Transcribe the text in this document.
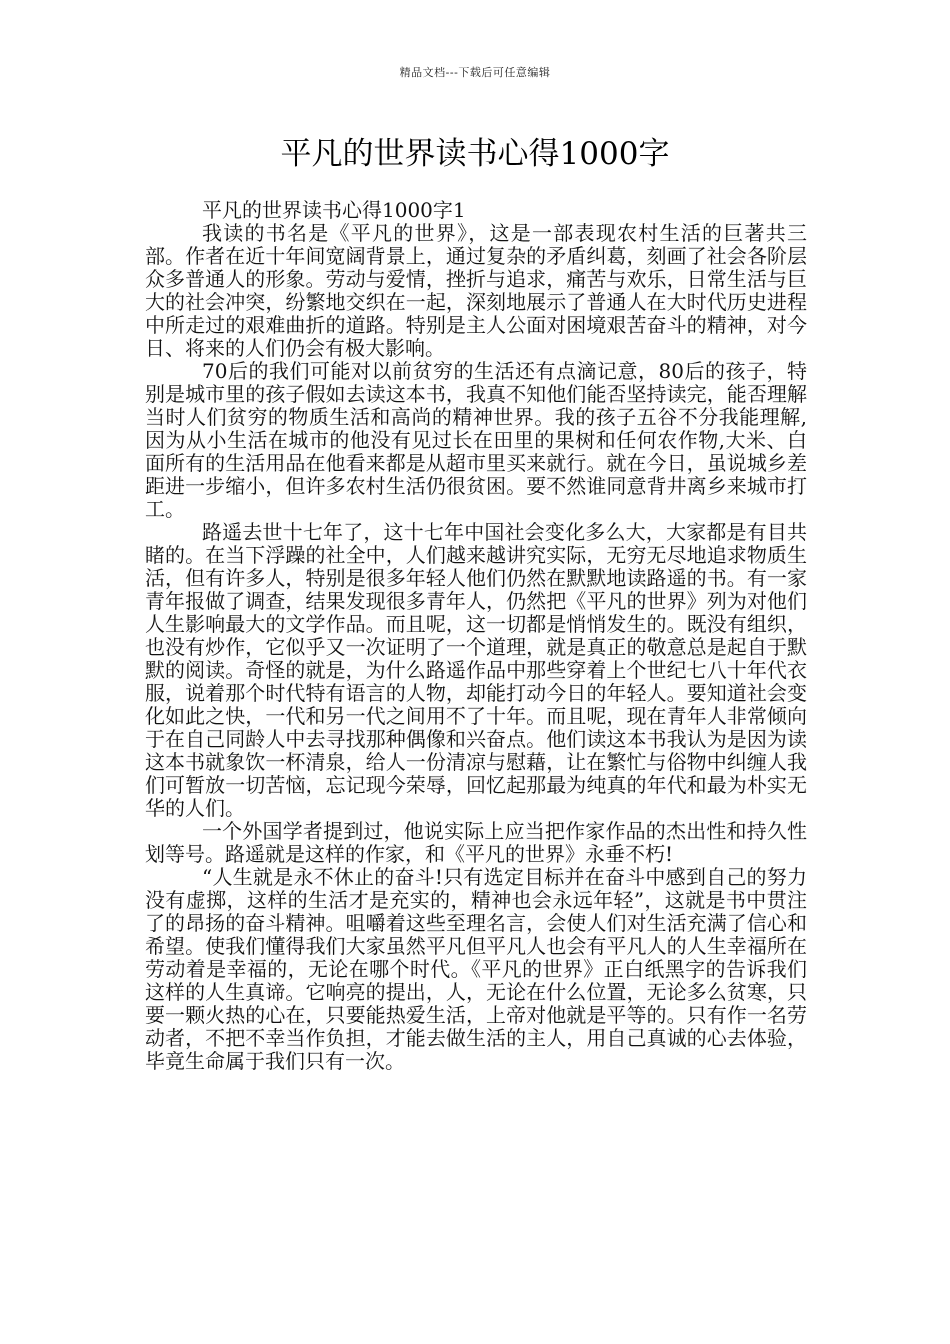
精品文档---下载后可任意编辑
平凡的世界读书心得1000字

平凡的世界读书心得1000字1

我读的书名是《平凡的世界》，这是一部表现农村生活的巨著共三部。作者在近十年间宽阔背景上，通过复杂的矛盾纠葛，刻画了社会各阶层众多普通人的形象。劳动与爱情，挫折与追求，痛苦与欢乐，日常生活与巨大的社会冲突，纷繁地交织在一起，深刻地展示了普通人在大时代历史进程中所走过的艰难曲折的道路。特别是主人公面对困境艰苦奋斗的精神，对今日、将来的人们仍会有极大影响。

70后的我们可能对以前贫穷的生活还有点滴记意，80后的孩子，特别是城市里的孩子假如去读这本书，我真不知他们能否坚持读完，能否理解当时人们贫穷的物质生活和高尚的精神世界。我的孩子五谷不分我能理解,因为从小生活在城市的他没有见过长在田里的果树和任何农作物,大米、白面所有的生活用品在他看来都是从超市里买来就行。就在今日，虽说城乡差距进一步缩小，但许多农村生活仍很贫困。要不然谁同意背井离乡来城市打工。

路遥去世十七年了，这十七年中国社会变化多么大，大家都是有目共睹的。在当下浮躁的社全中，人们越来越讲究实际，无穷无尽地追求物质生活，但有许多人，特别是很多年轻人他们仍然在默默地读路遥的书。有一家青年报做了调查，结果发现很多青年人，仍然把《平凡的世界》列为对他们人生影响最大的文学作品。而且呢，这一切都是悄悄发生的。既没有组织，也没有炒作，它似乎又一次证明了一个道理，就是真正的敬意总是起自于默默的阅读。奇怪的就是，为什么路遥作品中那些穿着上个世纪七八十年代衣服，说着那个时代特有语言的人物，却能打动今日的年轻人。要知道社会变化如此之快，一代和另一代之间用不了十年。而且呢，现在青年人非常倾向于在自己同龄人中去寻找那种偶像和兴奋点。他们读这本书我认为是因为读这本书就象饮一杯清泉，给人一份清凉与慰藉，让在繁忙与俗物中纠缠人我们可暂放一切苦恼，忘记现今荣辱，回忆起那最为纯真的年代和最为朴实无华的人们。

一个外国学者提到过，他说实际上应当把作家作品的杰出性和持久性划等号。路遥就是这样的作家，和《平凡的世界》永垂不朽!

“人生就是永不休止的奋斗!只有选定目标并在奋斗中感到自己的努力没有虚掷，这样的生活才是充实的，精神也会永远年轻”，这就是书中贯注了的昂扬的奋斗精神。咀嚼着这些至理名言，会使人们对生活充满了信心和希望。使我们懂得我们大家虽然平凡但平凡人也会有平凡人的人生幸福所在劳动着是幸福的，无论在哪个时代。《平凡的世界》正白纸黑字的告诉我们这样的人生真谛。它响亮的提出，人，无论在什么位置，无论多么贫寒，只要一颗火热的心在，只要能热爱生活，上帝对他就是平等的。只有作一名劳动者，不把不幸当作负担，才能去做生活的主人，用自己真诚的心去体验，毕竟生命属于我们只有一次。
